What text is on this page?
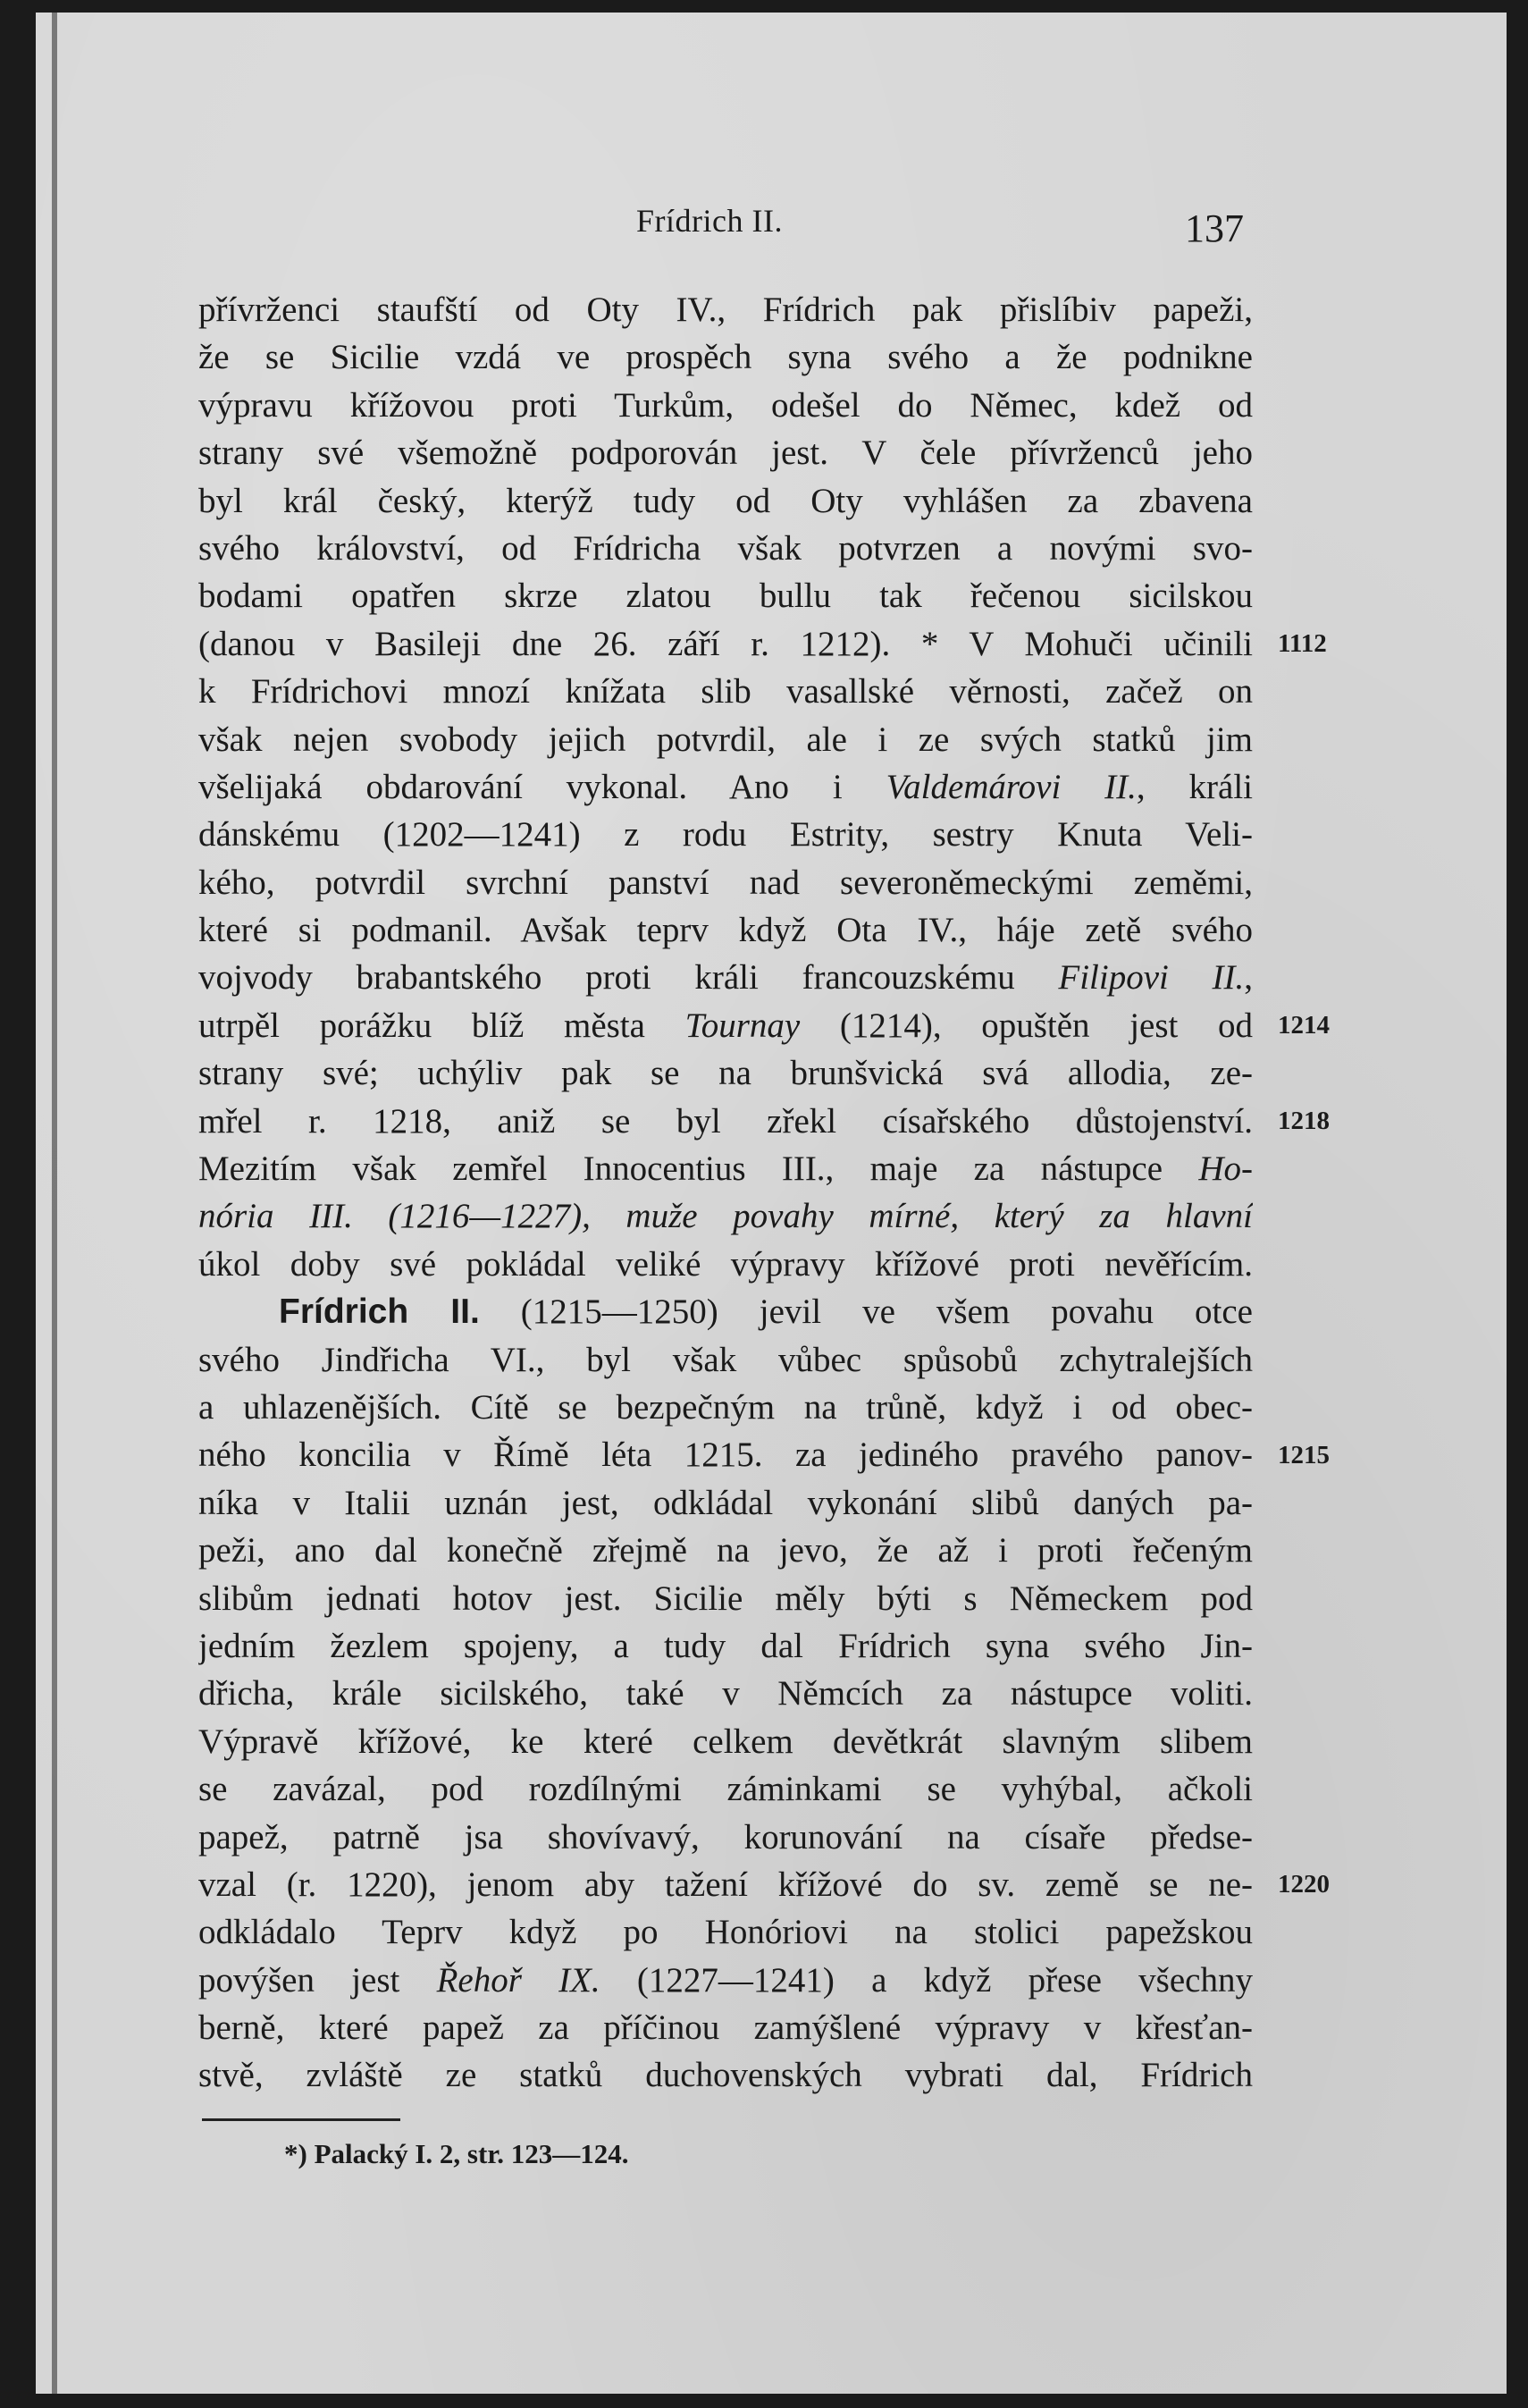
Frídrich II.	137
přívrženci staufští od Oty IV., Frídrich pak přislíbiv papeži,
že se Sicilie vzdá ve prospěch syna svého a že podnikne
výpravu křížovou proti Turkům, odešel do Němec, kdež od
strany své všemožně podporován jest. V čele přívrženců jeho
byl král český, kterýž tudy od Oty vyhlášen za zbavena
svého království, od Frídricha však potvrzen a novými svo-
bodami opatřen skrze zlatou bullu tak řečenou sicilskou
(danou v Basileji dne 26. září r. 1212). * V Mohuči učinili
k Frídrichovi mnozí knížata slib vasallské věrnosti, začež on
však nejen svobody jejich potvrdil, ale i ze svých statků jim
všelijaká obdarování vykonal. Ano i Valdemárovi II., králi
dánskému (1202—1241) z rodu Estrity, sestry Knuta Veli-
kého, potvrdil svrchní panství nad severoněmeckými zeměmi,
které si podmanil. Avšak teprv když Ota IV., háje zetě svého
vojvody brabantského proti králi francouzskému Filipovi II.,
utrpěl porážku blíž města Tournay (1214), opuštěn jest od
strany své; uchýliv pak se na brunšvická svá allodia, ze-
mřel r. 1218, aniž se byl zřekl císařského důstojenství.
Mezitím však zemřel Innocentius III., maje za nástupce Ho-
nória III. (1216—1227), muže povahy mírné, který za hlavní
úkol doby své pokládal veliké výpravy křížové proti nevěřícím.
Frídrich II. (1215—1250) jevil ve všem povahu otce
svého Jindřicha VI., byl však vůbec spůsobů zchytralejších
a uhlazenějších. Cítě se bezpečným na trůně, když i od obec-
ného koncilia v Římě léta 1215. za jediného pravého panov-
níka v Italii uznán jest, odkládal vykonání slibů daných pa-
peži, ano dal konečně zřejmě na jevo, že až i proti řečeným
slibům jednati hotov jest. Sicilie měly býti s Německem pod
jedním žezlem spojeny, a tudy dal Frídrich syna svého Jin-
dřicha, krále sicilského, také v Němcích za nástupce voliti.
Výpravě křížové, ke které celkem devětkrát slavným slibem
se zavázal, pod rozdílnými záminkami se vyhýbal, ačkoli
papež, patrně jsa shovívavý, korunování na císaře předse-
vzal (r. 1220), jenom aby tažení křížové do sv. země se ne-
odkládalo Teprv když po Honóriovi na stolici papežskou
povýšen jest Řehoř IX. (1227—1241) a když přese všechny
berně, které papež za příčinou zamýšlené výpravy v křesťan-
stvě, zvláště ze statků duchovenských vybrati dal, Frídrich
1112
1214
1218
1215
1220
*) Palacký I. 2, str. 123—124.
